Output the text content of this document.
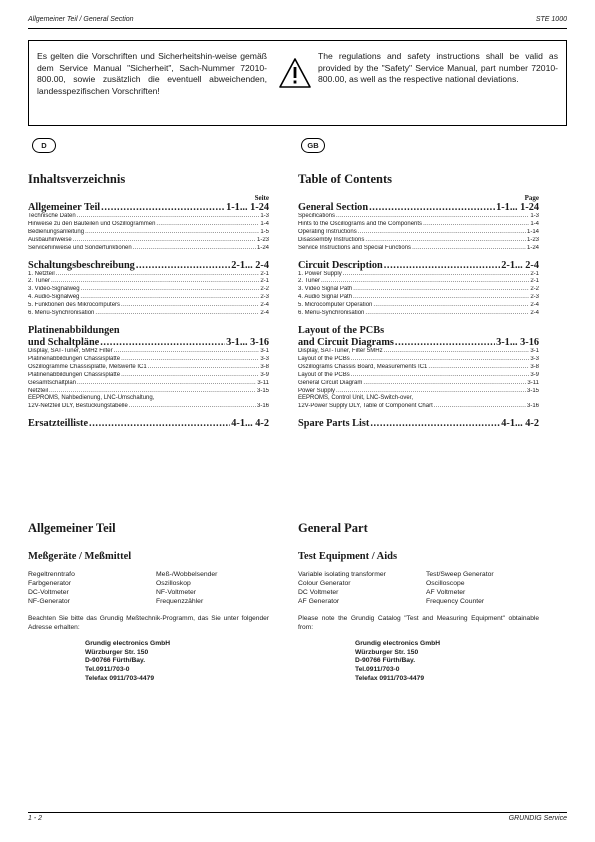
Allgemeiner Teil / General Section	STE 1000
Es gelten die Vorschriften und Sicherheitshin-weise gemäß dem Service Manual "Sicherheit", Sach-Nummer 72010-800.00, sowie zusätzlich die eventuell abweichenden, landesspezifischen Vorschriften!
The regulations and safety instructions shall be valid as provided by the "Safety" Service Manual, part number 72010-800.00, as well as the respective national deviations.
D	GB
Inhaltsverzeichnis
Seite
Allgemeiner Teil .....	1-1... 1-24
Technische Daten .....	1-3
Hinweise zu den Bauteilen und Oszillogrammen .....	1-4
Bedienungsanleitung .....	1-5
Ausbauhinweise .....	1-23
Servicehinweise und Sonderfunktionen .....	1-24
Schaltungsbeschreibung .....	2-1... 2-4
1. Netzteil .....	2-1
2. Tuner .....	2-1
3. Video-Signalweg .....	2-2
4. Audio-Signalweg .....	2-3
5. Funktionen des Mikrocomputers .....	2-4
6. Menü-Synchronisation .....	2-4
Platinenabbildungen
und Schaltpläne .....	3-1... 3-16
Display, SAT-Tuner, 5MHz Filter .....	3-1
Platinenabbildungen Chassisplatte .....	3-3
Oszillogramme Chassisplatte, Meßwerte IC1 .....	3-8
Platinenabbildungen Chassisplatte .....	3-9
Gesamtschaltplan .....	3-11
Netzteil .....	3-15
EEPROMS, Nahbedienung, LNC-Umschaltung,
12V-Netzteil DLY, Bestückungstabelle .....	3-16
Ersatzteilliste .....	4-1... 4-2
Table of Contents
Page
General Section .....	1-1... 1-24
Specifications .....	1-3
Hints to the Oscillograms and the Components .....	1-4
Operating Instructions .....	1-14
Disassembly Instructions .....	1-23
Service Instructions and Special Functions .....	1-24
Circuit Description .....	2-1... 2-4
1. Power Supply .....	2-1
2. Tuner .....	2-1
3. Video Signal Path .....	2-2
4. Audio Signal Path .....	2-3
5. Microcomputer Operation .....	2-4
6. Menu-Synchronisation .....	2-4
Layout of the PCBs
and Circuit Diagrams .....	3-1... 3-16
Display, SAT-Tuner, Filter 5MHz .....	3-1
Layout of the PCBs .....	3-3
Oszillograms Chassis Board, Measurements IC1 .....	3-8
Layout of the PCBs .....	3-9
General Circuit Diagram .....	3-11
Power Supply .....	3-15
EEPROMS, Control Unit, LNC-Switch-over,
12V-Power Supply DLY, Table of Component Chart .....	3-16
Spare Parts List .....	4-1... 4-2
Allgemeiner Teil
Meßgeräte / Meßmittel
Regeltrenntrafo	Meß-/Wobbelsender
Farbgenerator	Oszilloskop
DC-Voltmeter	NF-Voltmeter
NF-Generator	Frequenzzähler
Beachten Sie bitte das Grundig Meßtechnik-Programm, das Sie unter folgender Adresse erhalten:
Grundig electronics GmbH
Würzburger Str. 150
D-90766 Fürth/Bay.
Tel.0911/703-0
Telefax 0911/703-4479
General Part
Test Equipment / Aids
Variable isolating transformer	Test/Sweep Generator
Colour Generator	Oscilloscope
DC Voltmeter	AF Voltmeter
AF Generator	Frequency Counter
Please note the Grundig Catalog "Test and Measuring Equipment" obtainable from:
Grundig electronics GmbH
Würzburger Str. 150
D-90766 Fürth/Bay.
Tel.0911/703-0
Telefax 0911/703-4479
1 - 2	GRUNDIG Service
